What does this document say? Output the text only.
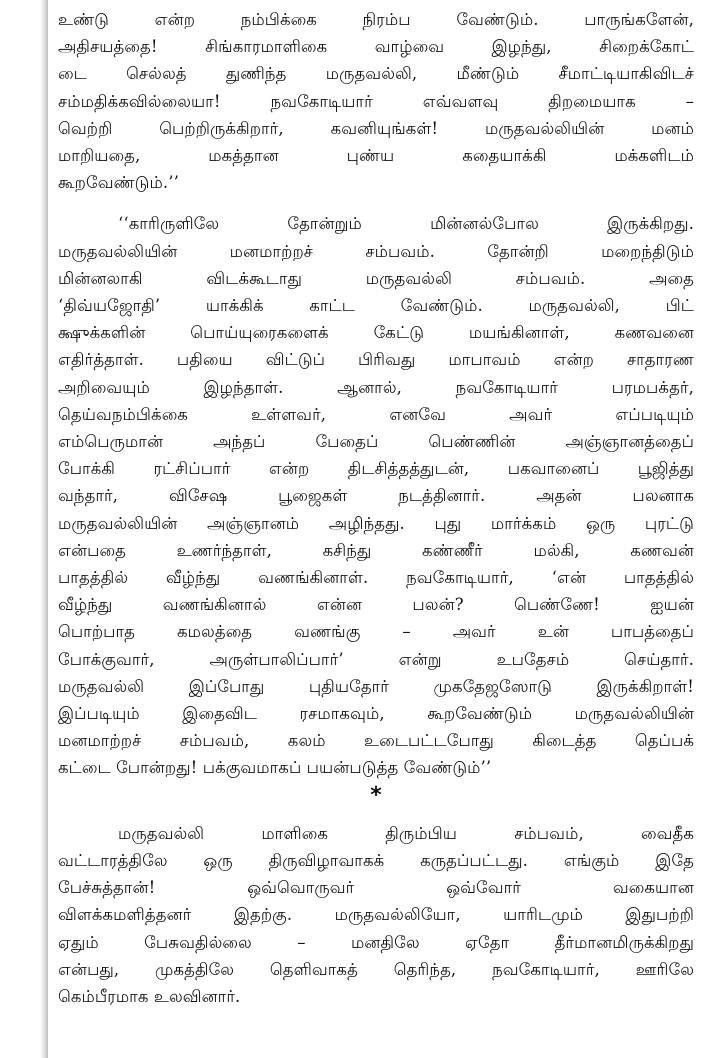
உண்டு என்ற நம்பிக்கை நிரம்ப வேண்டும். பாருங்களேன்,
அதிசயத்தை! சிங்காரமாளிகை வாழ்வை இழந்து, சிறைக்கோட்
டை செல்லத் துணிந்த மருதவல்லி, மீண்டும் சீமாட்டியாகிவிடச்
சம்மதிக்கவில்லையா! நவகோடியார் எவ்வளவு திறமையாக –
வெற்றி பெற்றிருக்கிறார், கவனியுங்கள்! மருதவல்லியின் மனம்
மாறியதை, மகத்தான புண்ய கதையாக்கி மக்களிடம்
கூறவேண்டும்.’’
‘‘காரிருளிலே தோன்றும் மின்னல்போல இருக்கிறது.
மருதவல்லியின் மனமாற்றச் சம்பவம். தோன்றி மறைந்திடும்
மின்னலாகி விடக்கூடாது மருதவல்லி சம்பவம். அதை
‘திவ்யஜோதி’ யாக்கிக் காட்ட வேண்டும். மருதவல்லி, பிட்
க்ஷுக்களின் பொய்யுரைகளைக் கேட்டு மயங்கினாள், கணவனை
எதிர்த்தாள். பதியை விட்டுப் பிரிவது மாபாவம் என்ற சாதாரண
அறிவையும் இழந்தாள். ஆனால், நவகோடியார் பரமபக்தர்,
தெய்வநம்பிக்கை உள்ளவர், எனவே அவர் எப்படியும்
எம்பெருமான் அந்தப் பேதைப் பெண்ணின் அஞ்ஞானத்தைப்
போக்கி ரட்சிப்பார் என்ற திடசித்தத்துடன், பகவானைப் பூஜித்து
வந்தார், விசேஷ பூஜைகள் நடத்தினார். அதன் பலனாக
மருதவல்லியின் அஞ்ஞானம் அழிந்தது. புது மார்க்கம் ஒரு புரட்டு
என்பதை உணர்ந்தாள், கசிந்து கண்ணீர் மல்கி, கணவன்
பாதத்தில் வீழ்ந்து வணங்கினாள். நவகோடியார், ‘என் பாதத்தில்
வீழ்ந்து வணங்கினால் என்ன பலன்? பெண்ணே! ஐயன்
பொற்பாத கமலத்தை வணங்கு – அவர் உன் பாபத்தைப்
போக்குவார், அருள்பாலிப்பார்’ என்று உபதேசம் செய்தார்.
மருதவல்லி இப்போது புதியதோர் முகதேஜஸோடு இருக்கிறாள்!
இப்படியும் இதைவிட ரசமாகவும், கூறவேண்டும் மருதவல்லியின்
மனமாற்றச் சம்பவம், கலம் உடைபட்டபோது கிடைத்த தெப்பக்
கட்டை போன்றது! பக்குவமாகப் பயன்படுத்த வேண்டும்’’
*
மருதவல்லி மாளிகை திரும்பிய சம்பவம், வைதீக
வட்டாரத்திலே ஒரு திருவிழாவாகக் கருதப்பட்டது. எங்கும் இதே
பேச்சுத்தான்! ஒவ்வொருவர் ஒவ்வோர் வகையான
விளக்கமளித்தனர் இதற்கு. மருதவல்லியோ, யாரிடமும் இதுபற்றி
ஏதும் பேசுவதில்லை – மனதிலே ஏதோ தீர்மானமிருக்கிறது
என்பது, முகத்திலே தெளிவாகத் தெரிந்த, நவகோடியார், ஊரிலே
கெம்பீரமாக உலவினார்.
